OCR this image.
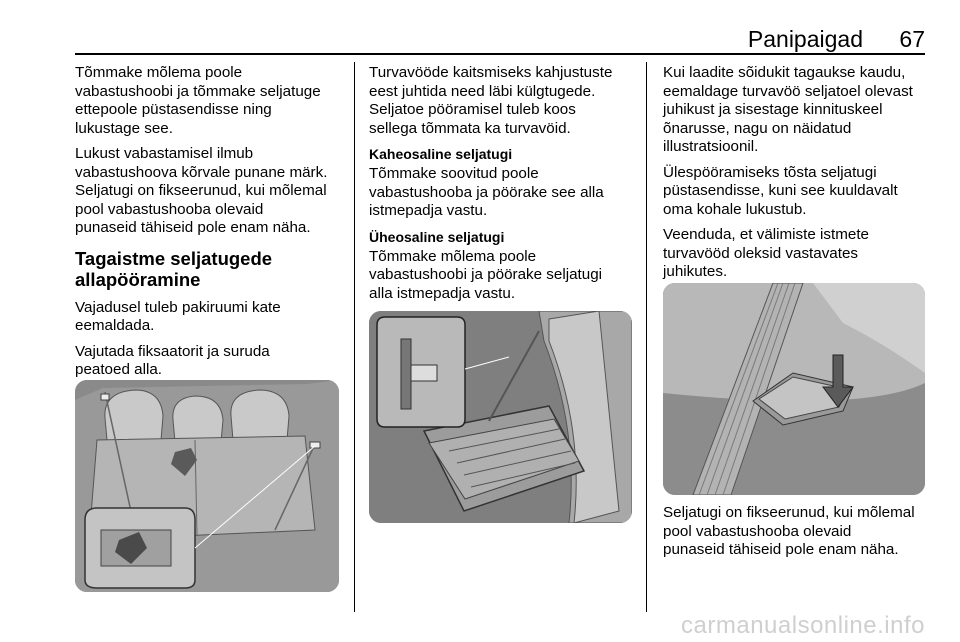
Panipaigad 67

Tõmmake mõlema poole
vabastushoobi ja tõmmake seljatuge
ettepoole püstasendisse ning
lukustage see.

Lukust vabastamisel ilmub
vabastushoova kõrvale punane märk.
Seljatugi on fikseerunud, kui mõlemal
pool vabastushooba olevaid
punaseid tähiseid pole enam näha.

Tagaistme seljatugede
allapööramine

Vajadusel tuleb pakiruumi kate
eemaldada.

Vajutada fiksaatorit ja suruda
peatoed alla.

Turvavööde kaitsmiseks kahjustuste
eest juhtida need läbi külgtugede.
Seljatoe pööramisel tuleb koos
sellega tõmmata ka turvavöid.

Kaheosaline seljatugi

Tõmmake soovitud poole
vabastushooba ja pöörake see alla
istmepadja vastu.

Üheosaline seljatugi

Tõmmake mõlema poole
vabastushoobi ja pöörake seljatugi
alla istmepadja vastu.

Kui laadite sõidukit tagaukse kaudu,
eemaldage turvavöö seljatoel olevast
juhikust ja sisestage kinnituskeel
õnarusse, nagu on näidatud
illustratsioonil.

Ülespööramiseks tõsta seljatugi
püstasendisse, kuni see kuuldavalt
oma kohale lukustub.

Veenduda, et välimiste istmete
turvavööd oleksid vastavates
juhikutes.

Seljatugi on fikseerunud, kui mõlemal
pool vabastushooba olevaid
punaseid tähiseid pole enam näha.

carmanualsonline.info
